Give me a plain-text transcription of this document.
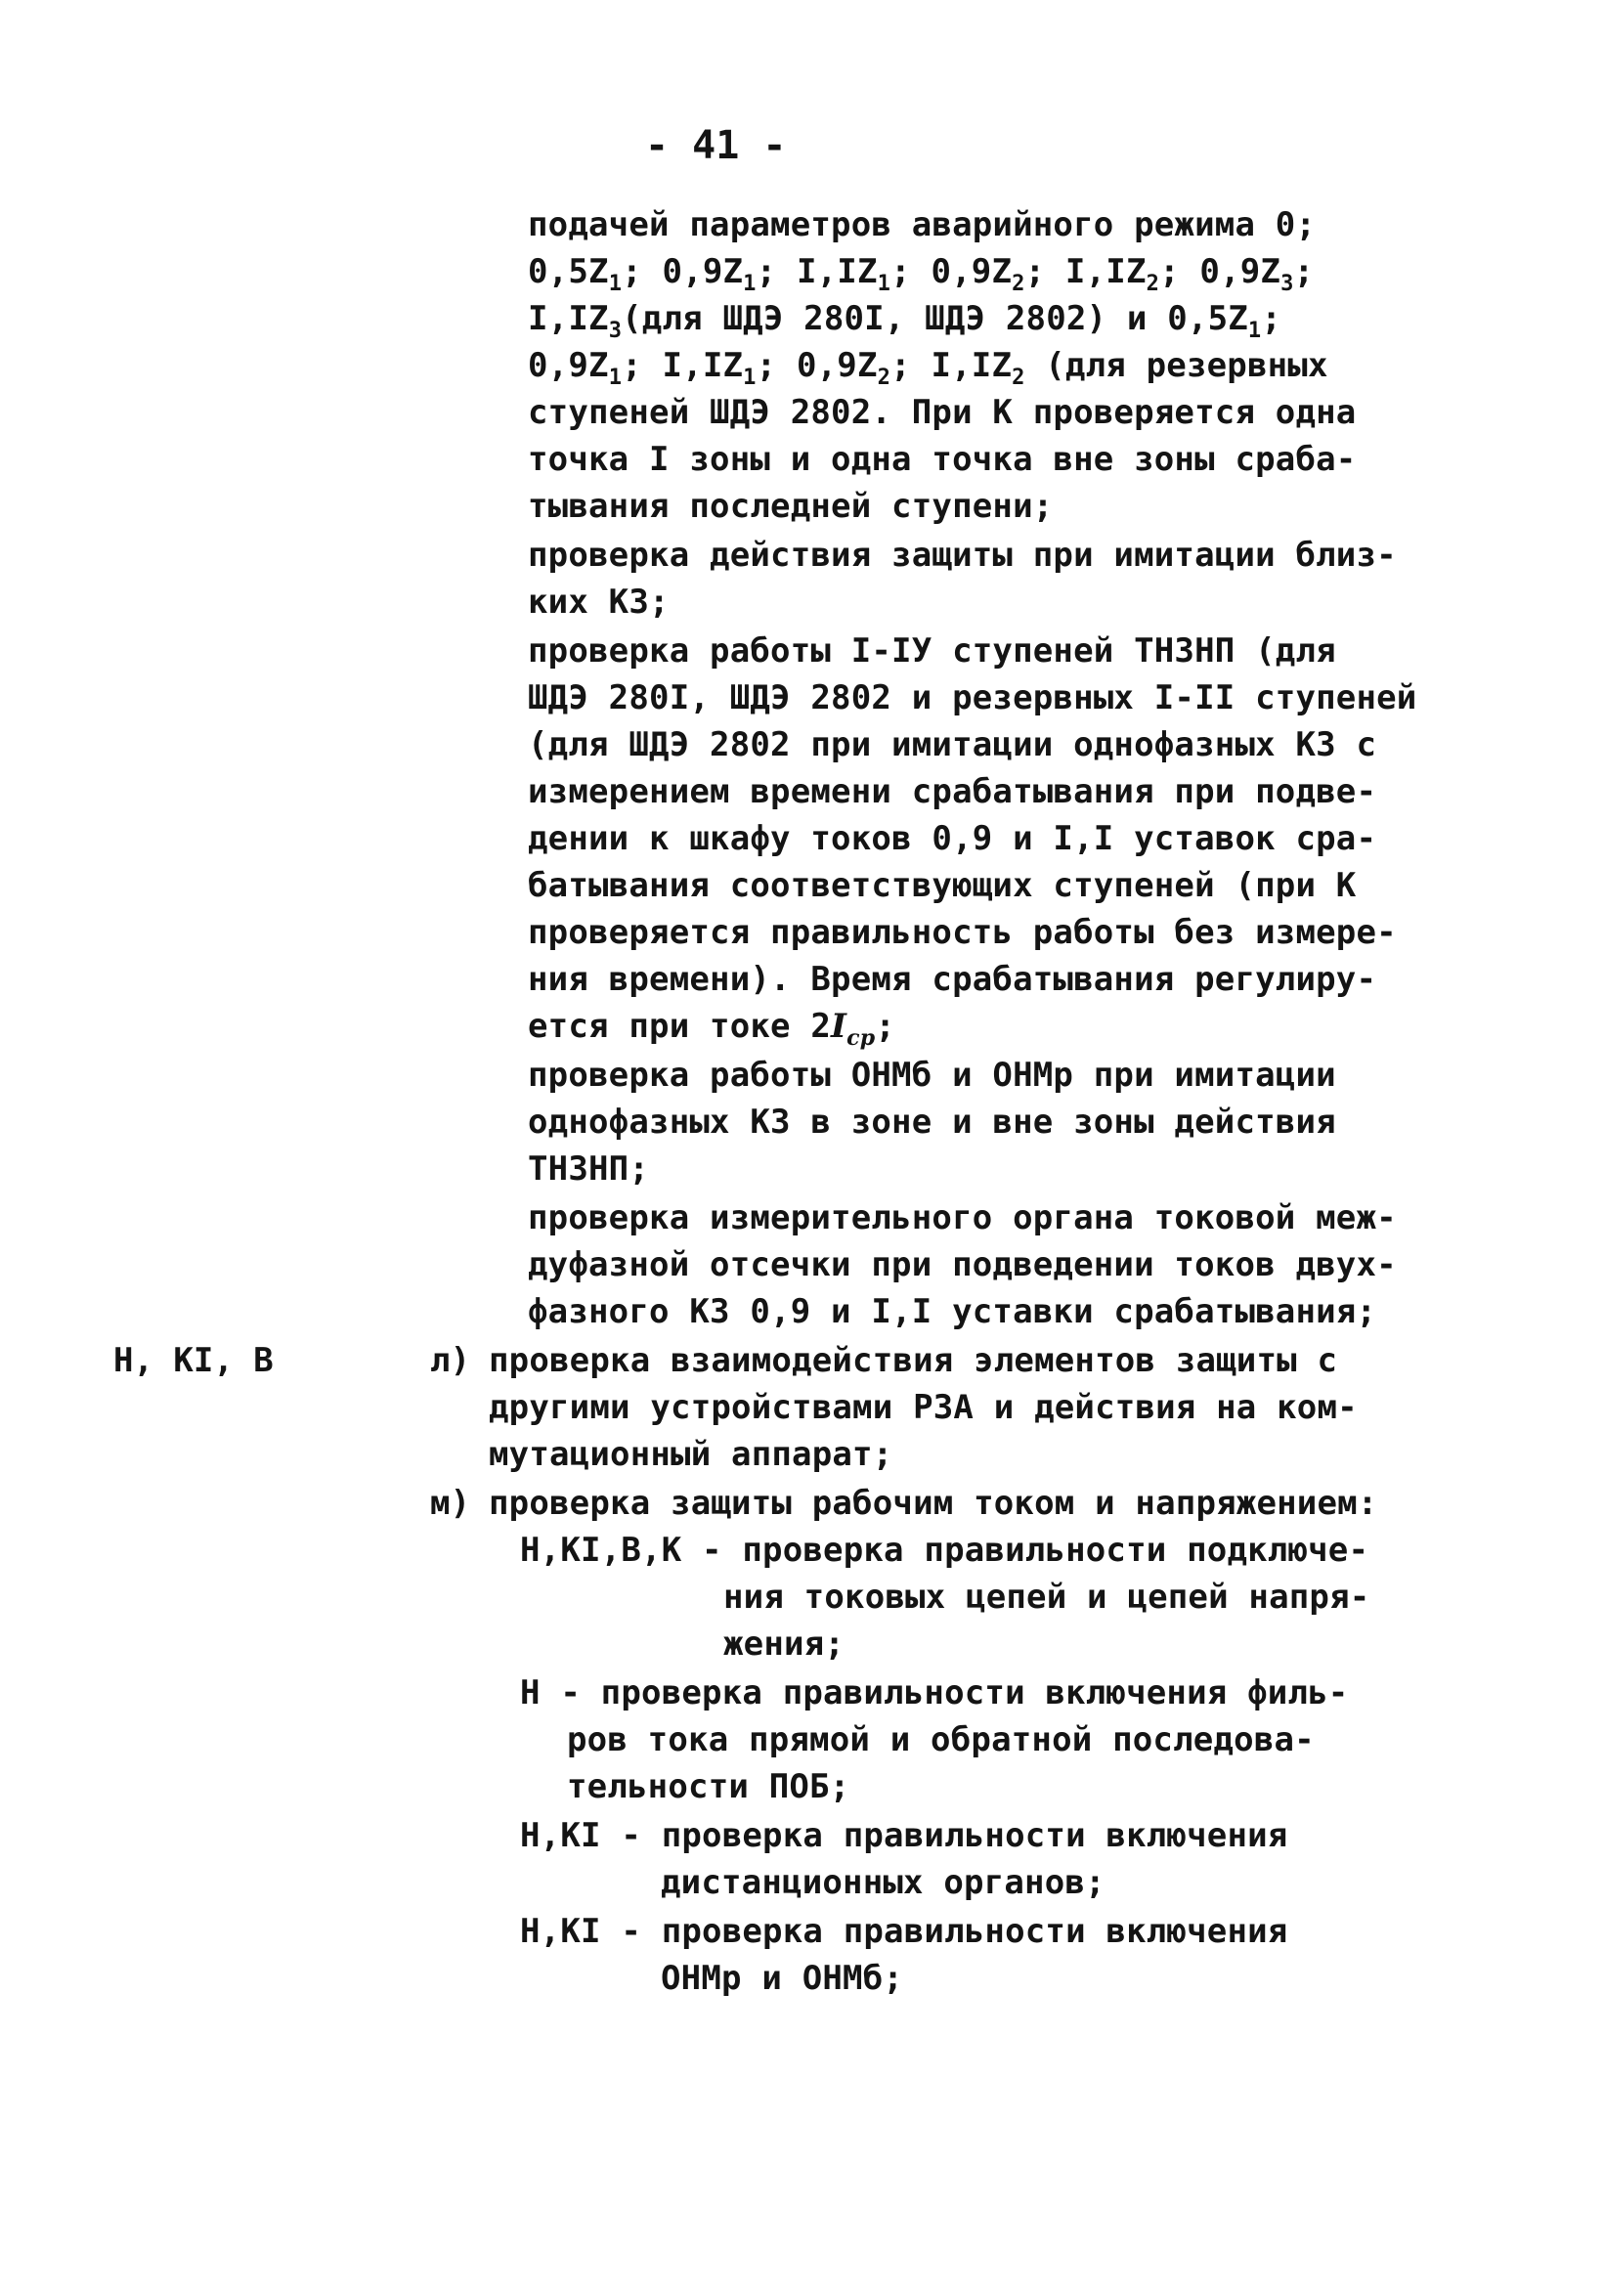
- 41 -
подачей параметров аварийного режима 0;
$0,5Z_1$; $0,9Z_1$; $I,IZ_1$; $0,9Z_2$; $I,IZ_2$; $0,9Z_3$;
$I,IZ_3(для$ ШДЭ 280I, ШДЭ 2802) и $0,5Z_1$;
$0,9Z_1$; $I,IZ_1$; $0,9Z_2$; $I,IZ_2$ (для резервных
ступеней ШДЭ 2802. При К проверяется одна
точка I зоны и одна точка вне зоны сраба-
тывания последней ступени;
проверка действия защиты при имитации близ-
ких КЗ;
проверка работы I-IУ ступеней ТНЗНП (для
ШДЭ 280I, ШДЭ 2802 и резервных I-II ступеней
(для ШДЭ 2802 при имитации однофазных КЗ с
измерением времени срабатывания при подве-
дении к шкафу токов 0,9 и I,I уставок сра-
батывания соответствующих ступеней (при К
проверяется правильность работы без измере-
ния времени). Время срабатывания регулиру-
ется при токе $2I_{ср}$;
проверка работы ОНМб и ОНМр при имитации
однофазных КЗ в зоне и вне зоны действия
ТНЗНП;
проверка измерительного органа токовой меж-
дуфазной отсечки при подведении токов двух-
фазного КЗ 0,9 и I,I уставки срабатывания;
Н, КI, В	л) проверка взаимодействия элементов защиты с
другими устройствами РЗА и действия на ком-
мутационный аппарат;
м) проверка защиты рабочим током и напряжением:
Н,КI,В,К - проверка правильности подключе-
ния токовых цепей и цепей напря-
жения;
Н - проверка правильности включения филь-
ров тока прямой и обратной последова-
тельности ПОБ;
Н,КI - проверка правильности включения
дистанционных органов;
Н,КI - проверка правильности включения
ОНМр и ОНМб;
